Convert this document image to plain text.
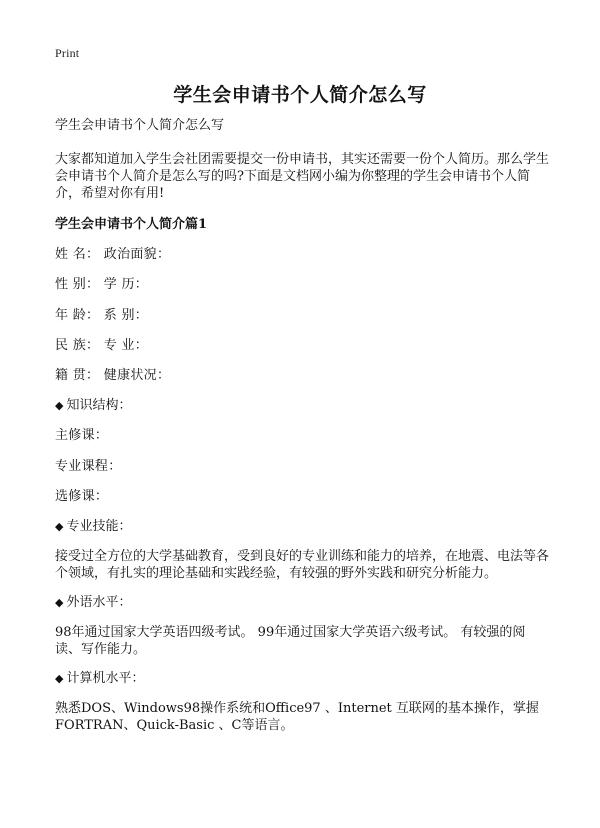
Print
学生会申请书个人简介怎么写

学生会申请书个人简介怎么写

大家都知道加入学生会社团需要提交一份申请书，其实还需要一份个人简历。那么学生会申请书个人简介是怎么写的吗?下面是文档网小编为你整理的学生会申请书个人简介，希望对你有用!

学生会申请书个人简介篇1

姓 名： 政治面貌：

性 别： 学 历：

年 龄： 系 别：

民 族： 专 业：

籍 贯： 健康状况：

◆ 知识结构：

主修课：

专业课程：

选修课：

◆ 专业技能：

接受过全方位的大学基础教育，受到良好的专业训练和能力的培养，在地震、电法等各个领域，有扎实的理论基础和实践经验，有较强的野外实践和研究分析能力。

◆ 外语水平：

98年通过国家大学英语四级考试。 99年通过国家大学英语六级考试。 有较强的阅读、写作能力。

◆ 计算机水平：

熟悉DOS、Windows98操作系统和Office97 、Internet 互联网的基本操作，掌握FORTRAN、Quick-Basic 、C等语言。
